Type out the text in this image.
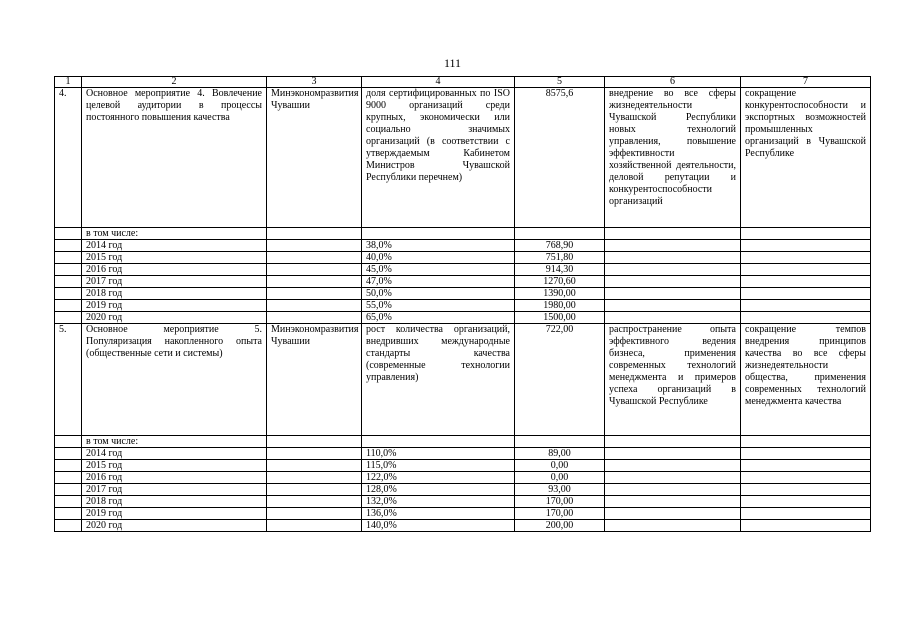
111
1	2	3	4	5	6	7
4.	Основное мероприятие 4. Вовлечение целевой аудитории в процессы постоянного повышения качества	Минэкономразвития Чувашии	доля сертифицированных по ISO 9000 организаций среди крупных, экономически или социально значимых организаций (в соответствии с утверждаемым Кабинетом Министров Чувашской Республики перечнем)	8575,6	внедрение во все сферы жизнедеятельности Чувашской Республики новых технологий управления, повышение эффективности хозяйственной деятельности, деловой репутации и конкурентоспособности организаций	сокращение конкурентоспособности и экспортных возможностей промышленных организаций в Чувашской Республике
	в том числе:					
	2014 год		38,0%	768,90		
	2015 год		40,0%	751,80		
	2016 год		45,0%	914,30		
	2017 год		47,0%	1270,60		
	2018 год		50,0%	1390,00		
	2019 год		55,0%	1980,00		
	2020 год		65,0%	1500,00		
5.	Основное мероприятие 5. Популяризация накопленного опыта (общественные сети и системы)	Минэкономразвития Чувашии	рост количества организаций, внедривших международные стандарты качества (современные технологии управления)	722,00	распространение опыта эффективного ведения бизнеса, применения современных технологий менеджмента и примеров успеха организаций в Чувашской Республике	сокращение темпов внедрения принципов качества во все сферы жизнедеятельности общества, применения современных технологий менеджмента качества
	в том числе:					
	2014 год		110,0%	89,00		
	2015 год		115,0%	0,00		
	2016 год		122,0%	0,00		
	2017 год		128,0%	93,00		
	2018 год		132,0%	170,00		
	2019 год		136,0%	170,00		
	2020 год		140,0%	200,00		
